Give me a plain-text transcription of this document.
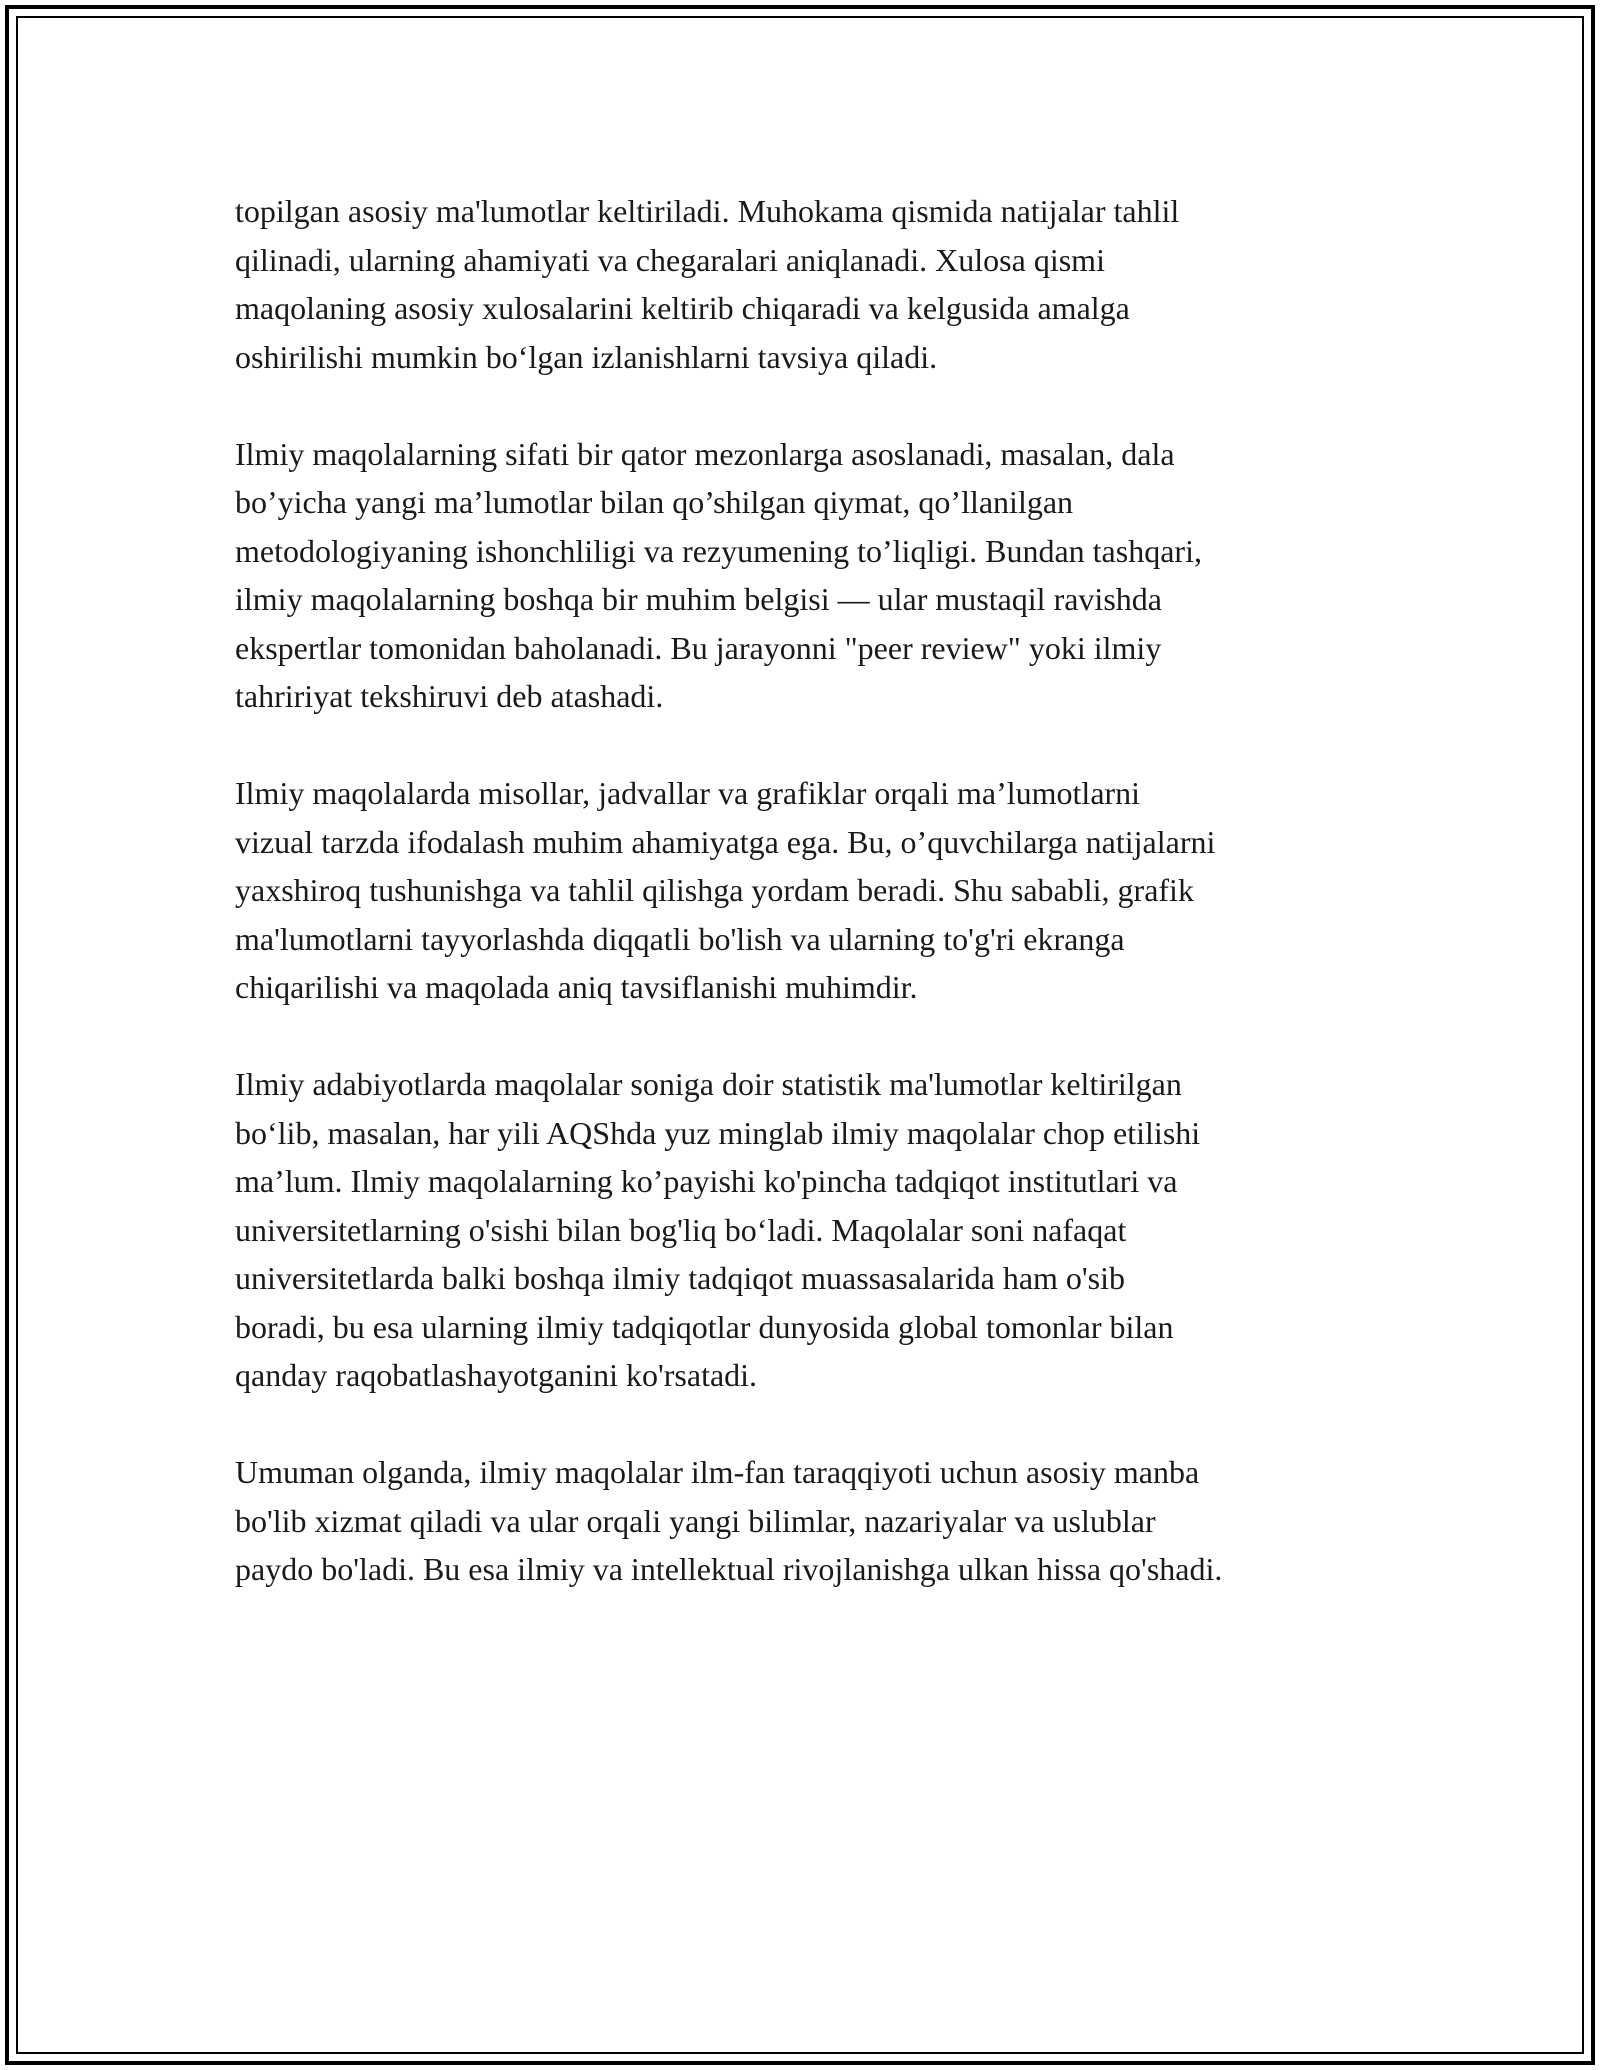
topilgan asosiy ma'lumotlar keltiriladi. Muhokama qismida natijalar tahlil
qilinadi, ularning ahamiyati va chegaralari aniqlanadi. Xulosa qismi
maqolaning asosiy xulosalarini keltirib chiqaradi va kelgusida amalga
oshirilishi mumkin bo‘lgan izlanishlarni tavsiya qiladi.

Ilmiy maqolalarning sifati bir qator mezonlarga asoslanadi, masalan, dala
bo’yicha yangi ma’lumotlar bilan qo’shilgan qiymat, qo’llanilgan
metodologiyaning ishonchliligi va rezyumening to’liqligi. Bundan tashqari,
ilmiy maqolalarning boshqa bir muhim belgisi — ular mustaqil ravishda
ekspertlar tomonidan baholanadi. Bu jarayonni "peer review" yoki ilmiy
tahririyat tekshiruvi deb atashadi.

Ilmiy maqolalarda misollar, jadvallar va grafiklar orqali ma’lumotlarni
vizual tarzda ifodalash muhim ahamiyatga ega. Bu, o’quvchilarga natijalarni
yaxshiroq tushunishga va tahlil qilishga yordam beradi. Shu sababli, grafik
ma'lumotlarni tayyorlashda diqqatli bo'lish va ularning to'g'ri ekranga
chiqarilishi va maqolada aniq tavsiflanishi muhimdir.

Ilmiy adabiyotlarda maqolalar soniga doir statistik ma'lumotlar keltirilgan
bo‘lib, masalan, har yili AQShda yuz minglab ilmiy maqolalar chop etilishi
ma’lum. Ilmiy maqolalarning ko’payishi ko'pincha tadqiqot institutlari va
universitetlarning o'sishi bilan bog'liq bo‘ladi. Maqolalar soni nafaqat
universitetlarda balki boshqa ilmiy tadqiqot muassasalarida ham o'sib
boradi, bu esa ularning ilmiy tadqiqotlar dunyosida global tomonlar bilan
qanday raqobatlashayotganini ko'rsatadi.

Umuman olganda, ilmiy maqolalar ilm-fan taraqqiyoti uchun asosiy manba
bo'lib xizmat qiladi va ular orqali yangi bilimlar, nazariyalar va uslublar
paydo bo'ladi. Bu esa ilmiy va intellektual rivojlanishga ulkan hissa qo'shadi.
